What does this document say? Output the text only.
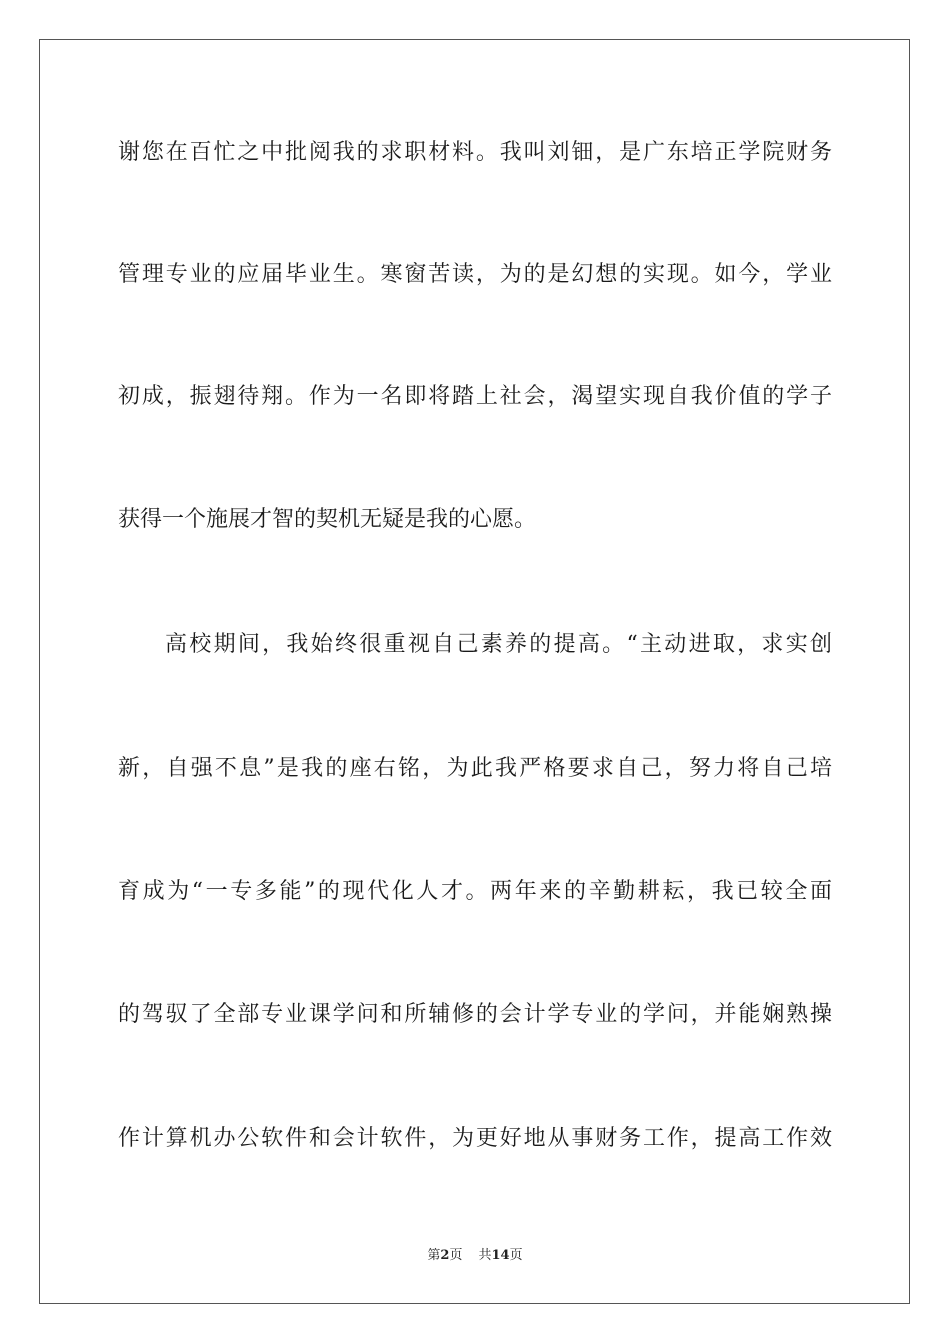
谢您在百忙之中批阅我的求职材料。我叫刘钿，是广东培正学院财务
管理专业的应届毕业生。寒窗苦读，为的是幻想的实现。如今，学业
初成，振翅待翔。作为一名即将踏上社会，渴望实现自我价值的学子
获得一个施展才智的契机无疑是我的心愿。
高校期间，我始终很重视自己素养的提高。“主动进取，求实创
新，自强不息”是我的座右铭，为此我严格要求自己，努力将自己培
育成为“一专多能”的现代化人才。两年来的辛勤耕耘，我已较全面
的驾驭了全部专业课学问和所辅修的会计学专业的学问，并能娴熟操
作计算机办公软件和会计软件，为更好地从事财务工作，提高工作效
第2页 共14页
